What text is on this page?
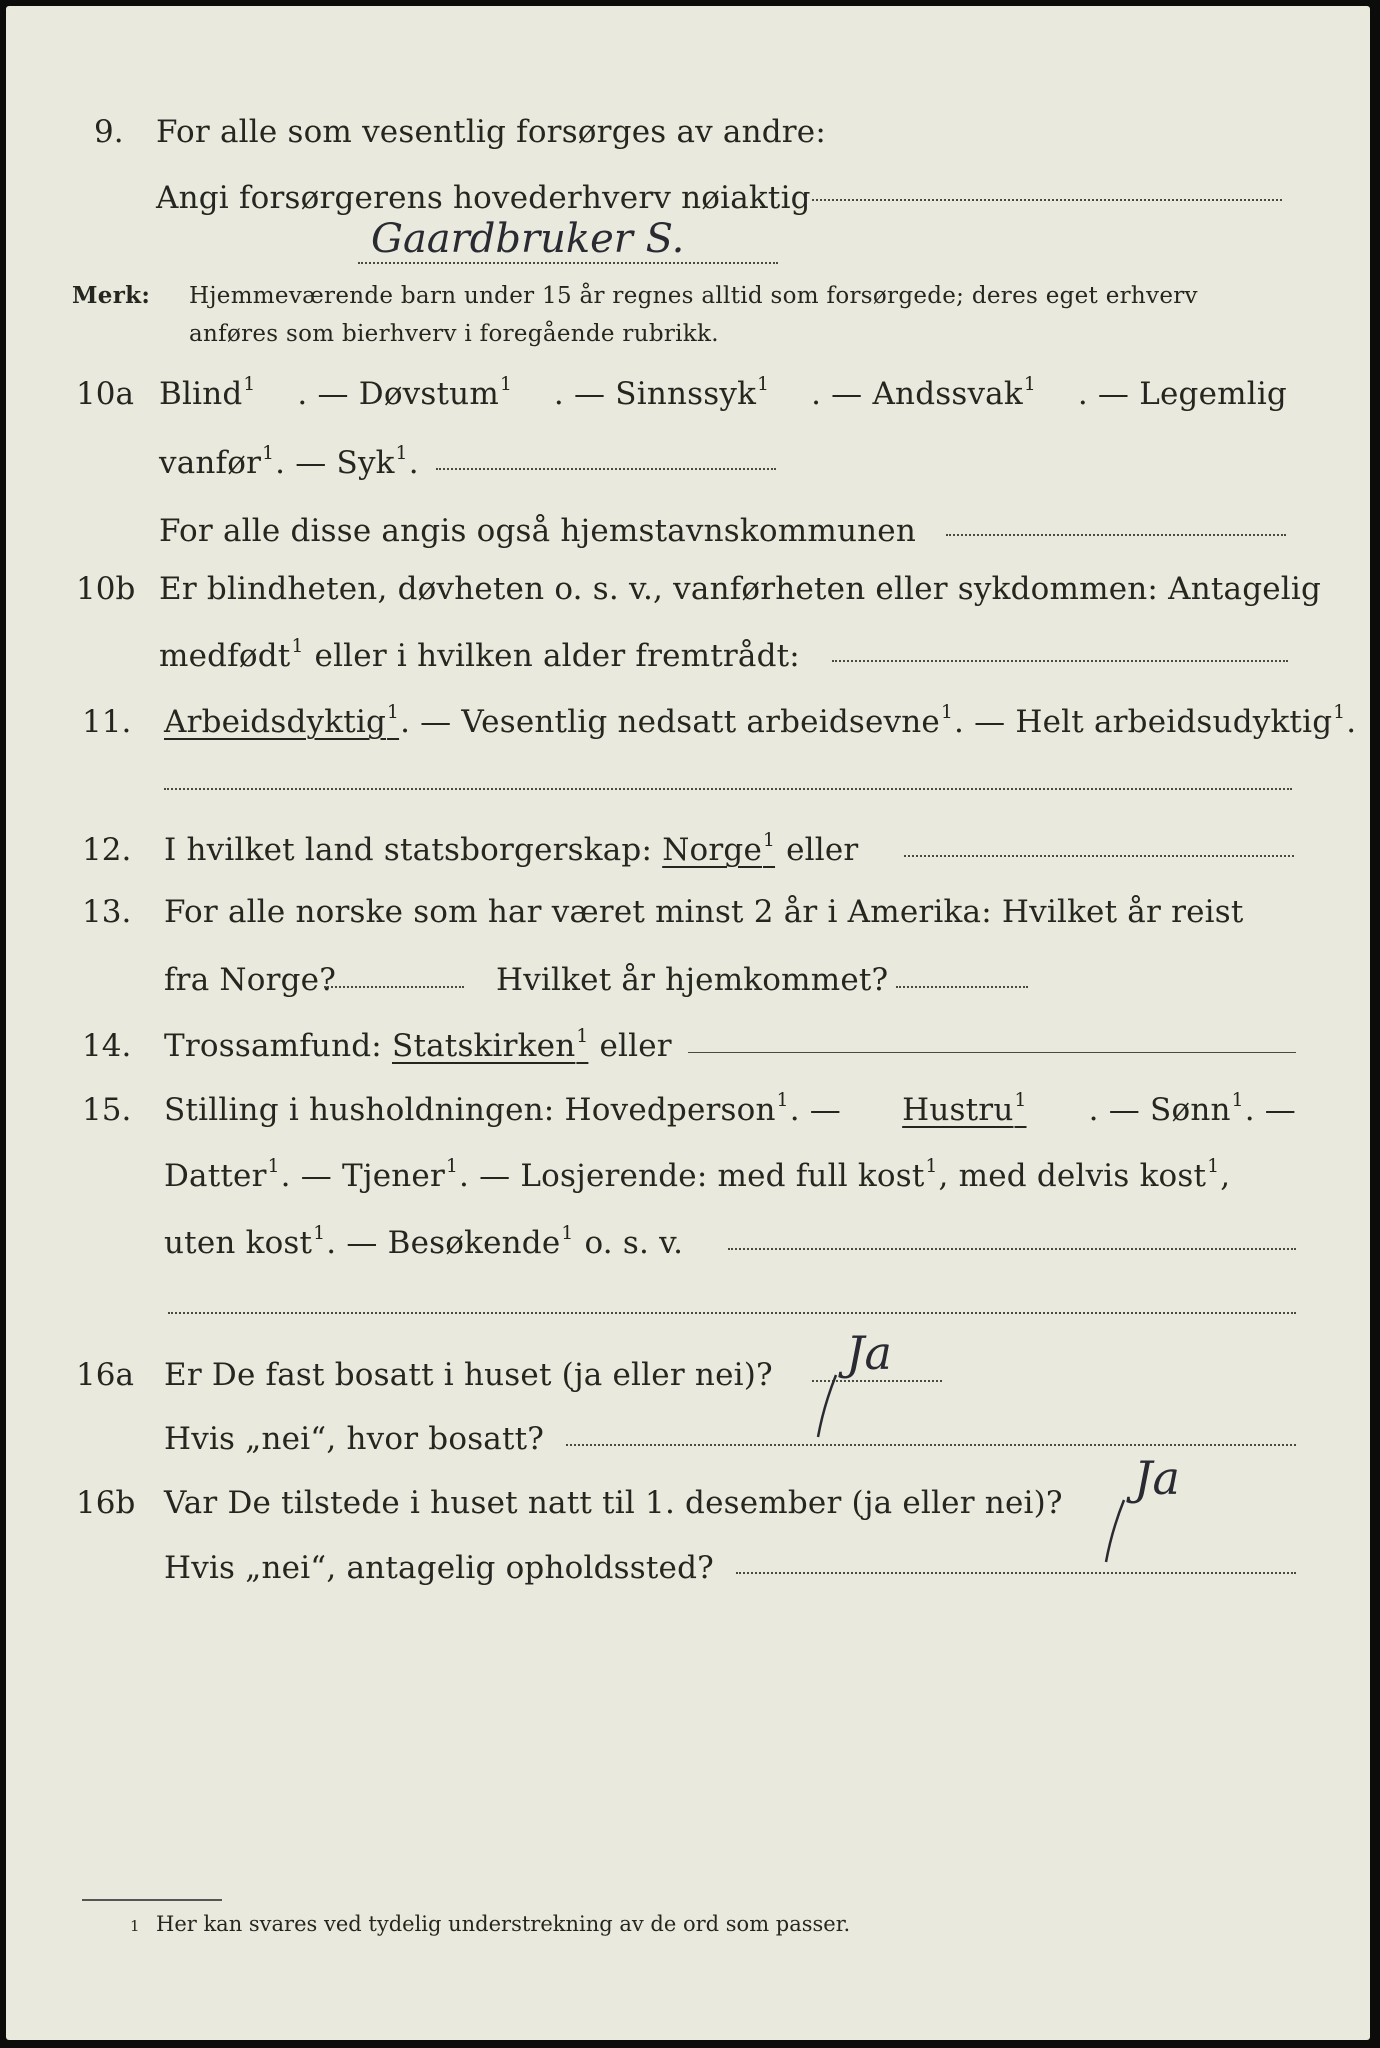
9. For alle som vesentlig forsørges av andre:
Angi forsørgerens hovederhverv nøiaktig
Gaardbruker S.
Merk: Hjemmeværende barn under 15 år regnes alltid som forsørgede; deres eget erhverv
anføres som bierhverv i foregående rubrikk.
10a Blind$^1$ . — Døvstum$^1$ . — Sinnssyk$^1$ . — Andssvak$^1$ . — Legemlig
vanfør$^1$. — Syk$^1$.
For alle disse angis også hjemstavnskommunen
10b Er blindheten, døvheten o. s. v., vanførheten eller sykdommen: Antagelig
medfødt$^1$ eller i hvilken alder fremtrådt:
11. Arbeidsdyktig$^1$. — Vesentlig nedsatt arbeidsevne$^1$. — Helt arbeidsudyktig$^1$.
12. I hvilket land statsborgerskap: Norge$^1$ eller
13. For alle norske som har været minst 2 år i Amerika: Hvilket år reist
fra Norge?	Hvilket år hjemkommet?
14. Trossamfund: Statskirken$^1$ eller
15. Stilling i husholdningen: Hovedperson$^1$. — Hustru$^1$ . — Sønn$^1$. —
Datter$^1$. — Tjener$^1$. — Losjerende: med full kost$^1$, med delvis kost$^1$,
uten kost$^1$. — Besøkende$^1$ o. s. v.
16a Er De fast bosatt i huset (ja eller nei)? Ja
Hvis „nei“, hvor bosatt?
16b Var De tilstede i huset natt til 1. desember (ja eller nei)? Ja
Hvis „nei“, antagelig opholdssted?
1 Her kan svares ved tydelig understrekning av de ord som passer.
